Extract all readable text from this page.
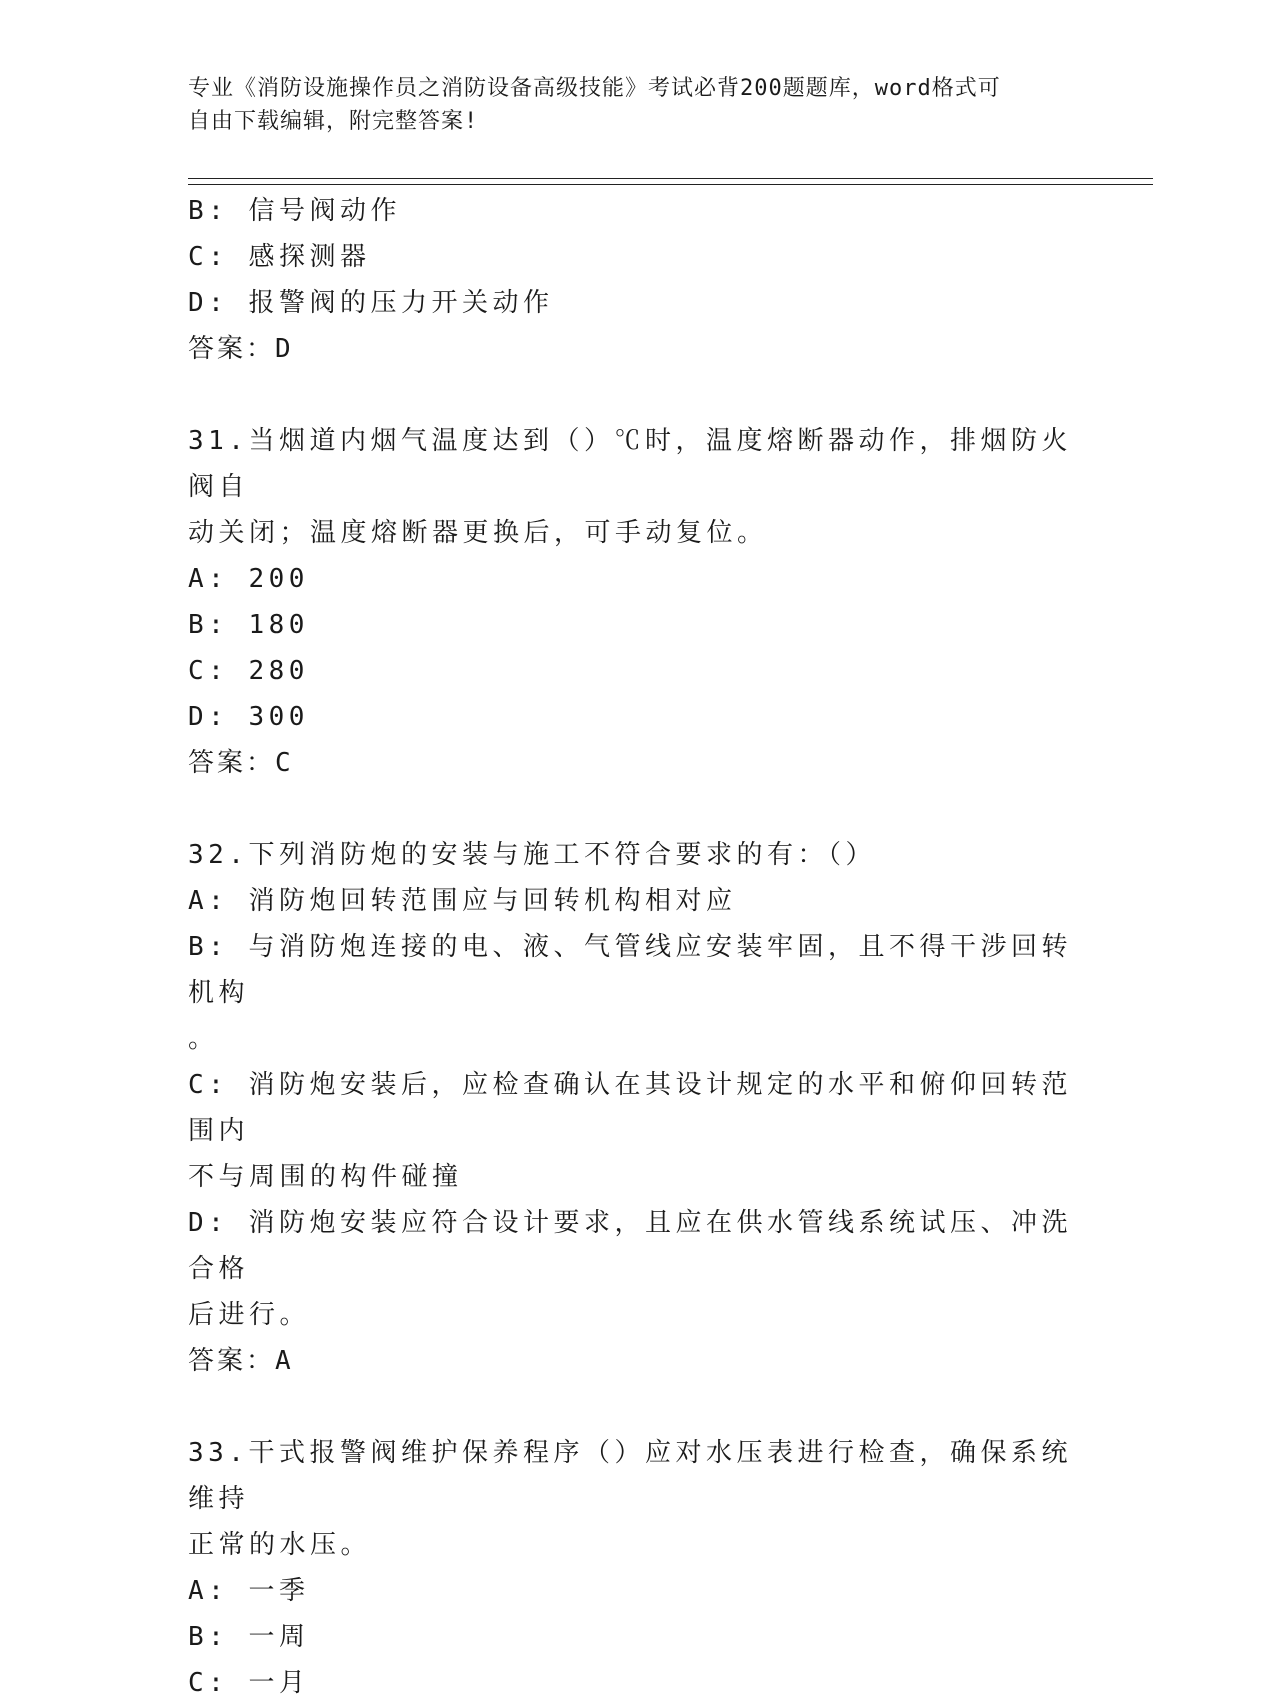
专业《消防设施操作员之消防设备高级技能》考试必背200题题库，word格式可
自由下载编辑，附完整答案!
B: 信号阀动作
C: 感探测器
D: 报警阀的压力开关动作
答案：D
31.当烟道内烟气温度达到（）℃时，温度熔断器动作，排烟防火阀自
动关闭；温度熔断器更换后，可手动复位。
A: 200
B: 180
C: 280
D: 300
答案：C
32.下列消防炮的安装与施工不符合要求的有：（）
A: 消防炮回转范围应与回转机构相对应
B: 与消防炮连接的电、液、气管线应安装牢固，且不得干涉回转机构
。
C: 消防炮安装后，应检查确认在其设计规定的水平和俯仰回转范围内
不与周围的构件碰撞
D: 消防炮安装应符合设计要求，且应在供水管线系统试压、冲洗合格
后进行。
答案：A
33.干式报警阀维护保养程序（）应对水压表进行检查，确保系统维持
正常的水压。
A: 一季
B: 一周
C: 一月
